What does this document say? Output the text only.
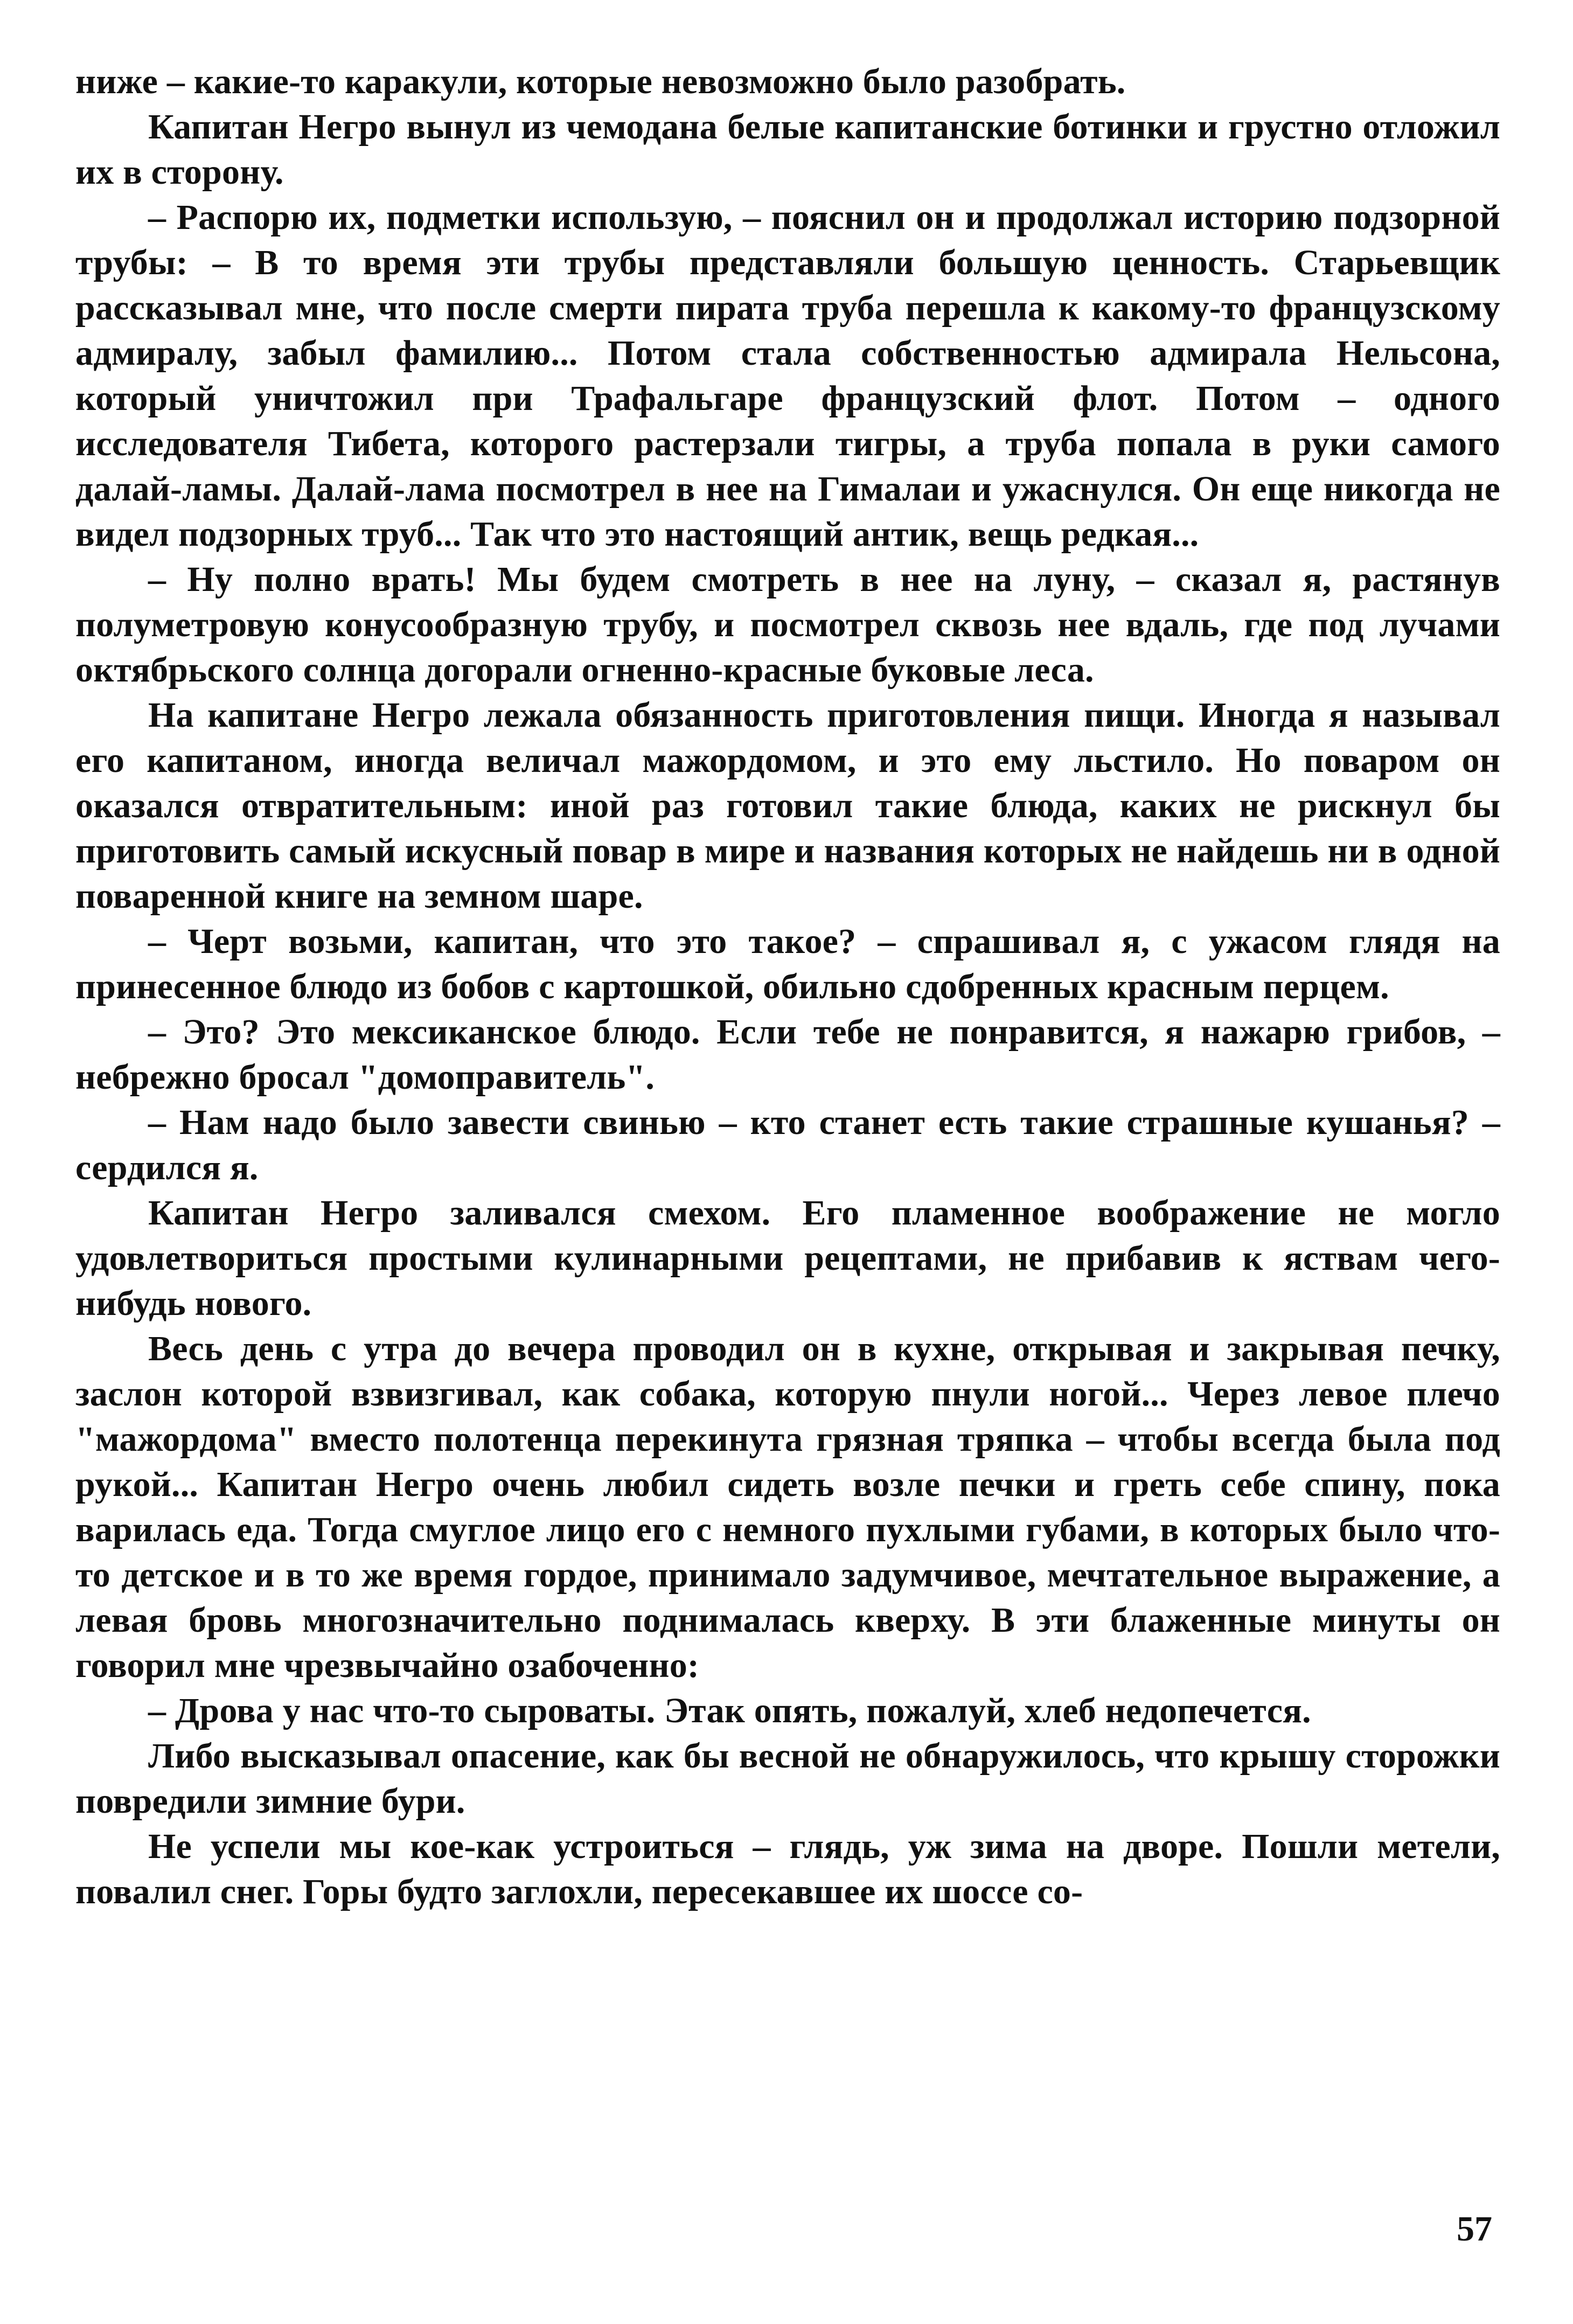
ниже – какие-то каракули, которые невозможно было разобрать.

Капитан Негро вынул из чемодана белые капитанские ботинки и грустно отложил их в сторону.

– Распорю их, подметки использую, – пояснил он и продолжал историю подзорной трубы: – В то время эти трубы представляли большую ценность. Старьевщик рассказывал мне, что после смерти пирата труба перешла к какому-то французскому адмиралу, забыл фамилию... Потом стала собственностью адмирала Нельсона, который уничтожил при Трафальгаре французский флот. Потом – одного исследователя Тибета, которого растерзали тигры, а труба попала в руки самого далай-ламы. Далай-лама посмотрел в нее на Гималаи и ужаснулся. Он еще никогда не видел подзорных труб... Так что это настоящий антик, вещь редкая...

– Ну полно врать! Мы будем смотреть в нее на луну, – сказал я, растянув полуметровую конусообразную трубу, и посмотрел сквозь нее вдаль, где под лучами октябрьского солнца догорали огненно-красные буковые леса.

На капитане Негро лежала обязанность приготовления пищи. Иногда я называл его капитаном, иногда величал мажордомом, и это ему льстило. Но поваром он оказался отвратительным: иной раз готовил такие блюда, каких не рискнул бы приготовить самый искусный повар в мире и названия которых не найдешь ни в одной поваренной книге на земном шаре.

– Черт возьми, капитан, что это такое? – спрашивал я, с ужасом глядя на принесенное блюдо из бобов с картошкой, обильно сдобренных красным перцем.

– Это? Это мексиканское блюдо. Если тебе не понравится, я нажарю грибов, – небрежно бросал "домоправитель".

– Нам надо было завести свинью – кто станет есть такие страшные кушанья? – сердился я.

Капитан Негро заливался смехом. Его пламенное воображение не могло удовлетвориться простыми кулинарными рецептами, не прибавив к яствам чего-нибудь нового.

Весь день с утра до вечера проводил он в кухне, открывая и закрывая печку, заслон которой взвизгивал, как собака, которую пнули ногой... Через левое плечо "мажордома" вместо полотенца перекинута грязная тряпка – чтобы всегда была под рукой... Капитан Негро очень любил сидеть возле печки и греть себе спину, пока варилась еда. Тогда смуглое лицо его с немного пухлыми губами, в которых было что-то детское и в то же время гордое, принимало задумчивое, мечтательное выражение, а левая бровь многозначительно поднималась кверху. В эти блаженные минуты он говорил мне чрезвычайно озабоченно:

– Дрова у нас что-то сыроваты. Этак опять, пожалуй, хлеб недопечется.

Либо высказывал опасение, как бы весной не обнаружилось, что крышу сторожки повредили зимние бури.

Не успели мы кое-как устроиться – глядь, уж зима на дворе. Пошли метели, повалил снег. Горы будто заглохли, пересекавшее их шоссе со-

57
